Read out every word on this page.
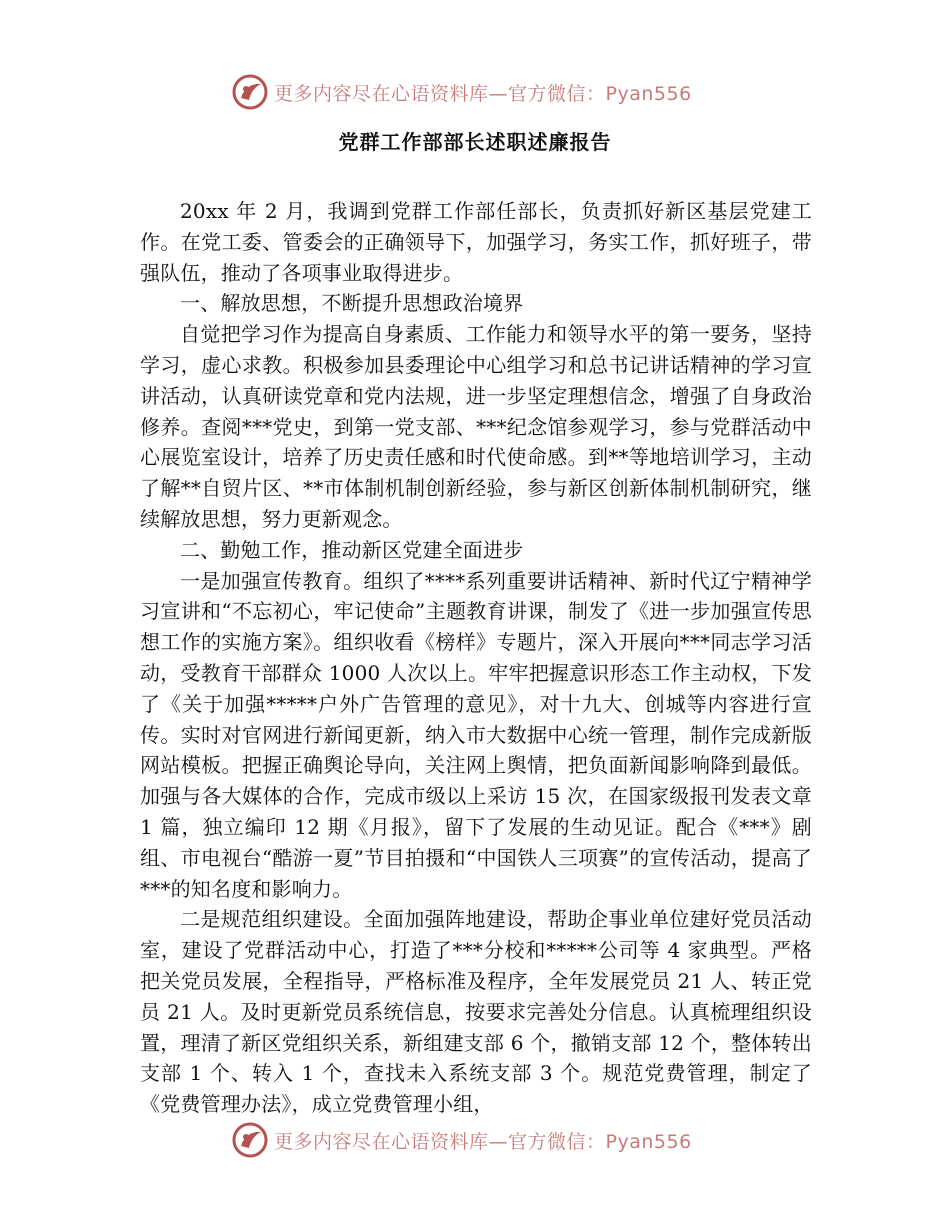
更多内容尽在心语资料库—官方微信：Pyan556
党群工作部部长述职述廉报告

20xx 年 2 月，我调到党群工作部任部长，负责抓好新区基层党建工作。在党工委、管委会的正确领导下，加强学习，务实工作，抓好班子，带强队伍，推动了各项事业取得进步。

一、解放思想，不断提升思想政治境界

自觉把学习作为提高自身素质、工作能力和领导水平的第一要务，坚持学习，虚心求教。积极参加县委理论中心组学习和总书记讲话精神的学习宣讲活动，认真研读党章和党内法规，进一步坚定理想信念，增强了自身政治修养。查阅***党史，到第一党支部、***纪念馆参观学习，参与党群活动中心展览室设计，培养了历史责任感和时代使命感。到**等地培训学习，主动了解**自贸片区、**市体制机制创新经验，参与新区创新体制机制研究，继续解放思想，努力更新观念。

二、勤勉工作，推动新区党建全面进步

一是加强宣传教育。组织了****系列重要讲话精神、新时代辽宁精神学习宣讲和“不忘初心，牢记使命”主题教育讲课，制发了《进一步加强宣传思想工作的实施方案》。组织收看《榜样》专题片，深入开展向***同志学习活动，受教育干部群众 1000 人次以上。牢牢把握意识形态工作主动权，下发了《关于加强*****户外广告管理的意见》，对十九大、创城等内容进行宣传。实时对官网进行新闻更新，纳入市大数据中心统一管理，制作完成新版网站模板。把握正确舆论导向，关注网上舆情，把负面新闻影响降到最低。加强与各大媒体的合作，完成市级以上采访 15 次，在国家级报刊发表文章 1 篇，独立编印 12 期《月报》，留下了发展的生动见证。配合《***》剧组、市电视台“酷游一夏”节目拍摄和“中国铁人三项赛”的宣传活动，提高了***的知名度和影响力。

二是规范组织建设。全面加强阵地建设，帮助企事业单位建好党员活动室，建设了党群活动中心，打造了***分校和*****公司等 4 家典型。严格把关党员发展，全程指导，严格标准及程序，全年发展党员 21 人、转正党员 21 人。及时更新党员系统信息，按要求完善处分信息。认真梳理组织设置，理清了新区党组织关系，新组建支部 6 个，撤销支部 12 个，整体转出支部 1 个、转入 1 个，查找未入系统支部 3 个。规范党费管理，制定了《党费管理办法》，成立党费管理小组，

更多内容尽在心语资料库—官方微信：Pyan556
